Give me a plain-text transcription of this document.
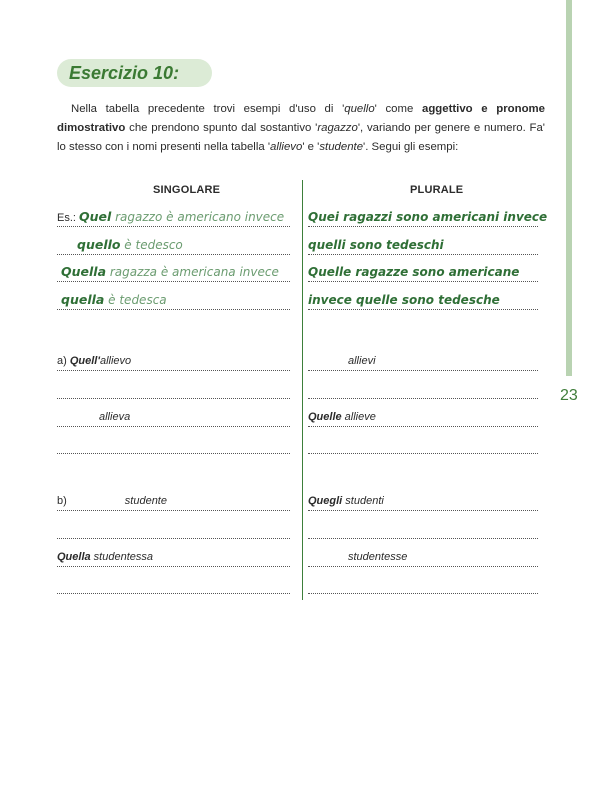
23
Esercizio 10:

Nella tabella precedente trovi esempi d'uso di 'quello' come aggettivo e pronome dimostrativo che prendono spunto dal sostantivo 'ragazzo', variando per genere e numero. Fa' lo stesso con i nomi presenti nella tabella 'allievo' e 'studente'. Segui gli esempi:

SINGOLARE	PLURALE
Es.: Quel ragazzo è americano invece
quello è tedesco
Quella ragazza è americana invece
quella è tedesca
Quei ragazzi sono americani invece
quelli sono tedeschi
Quelle ragazze sono americane
invece quelle sono tedesche
a) Quell'allievo
allieva
allievi
Quelle allieve
b)	studente
Quella studentessa
Quegli studenti
studentesse
